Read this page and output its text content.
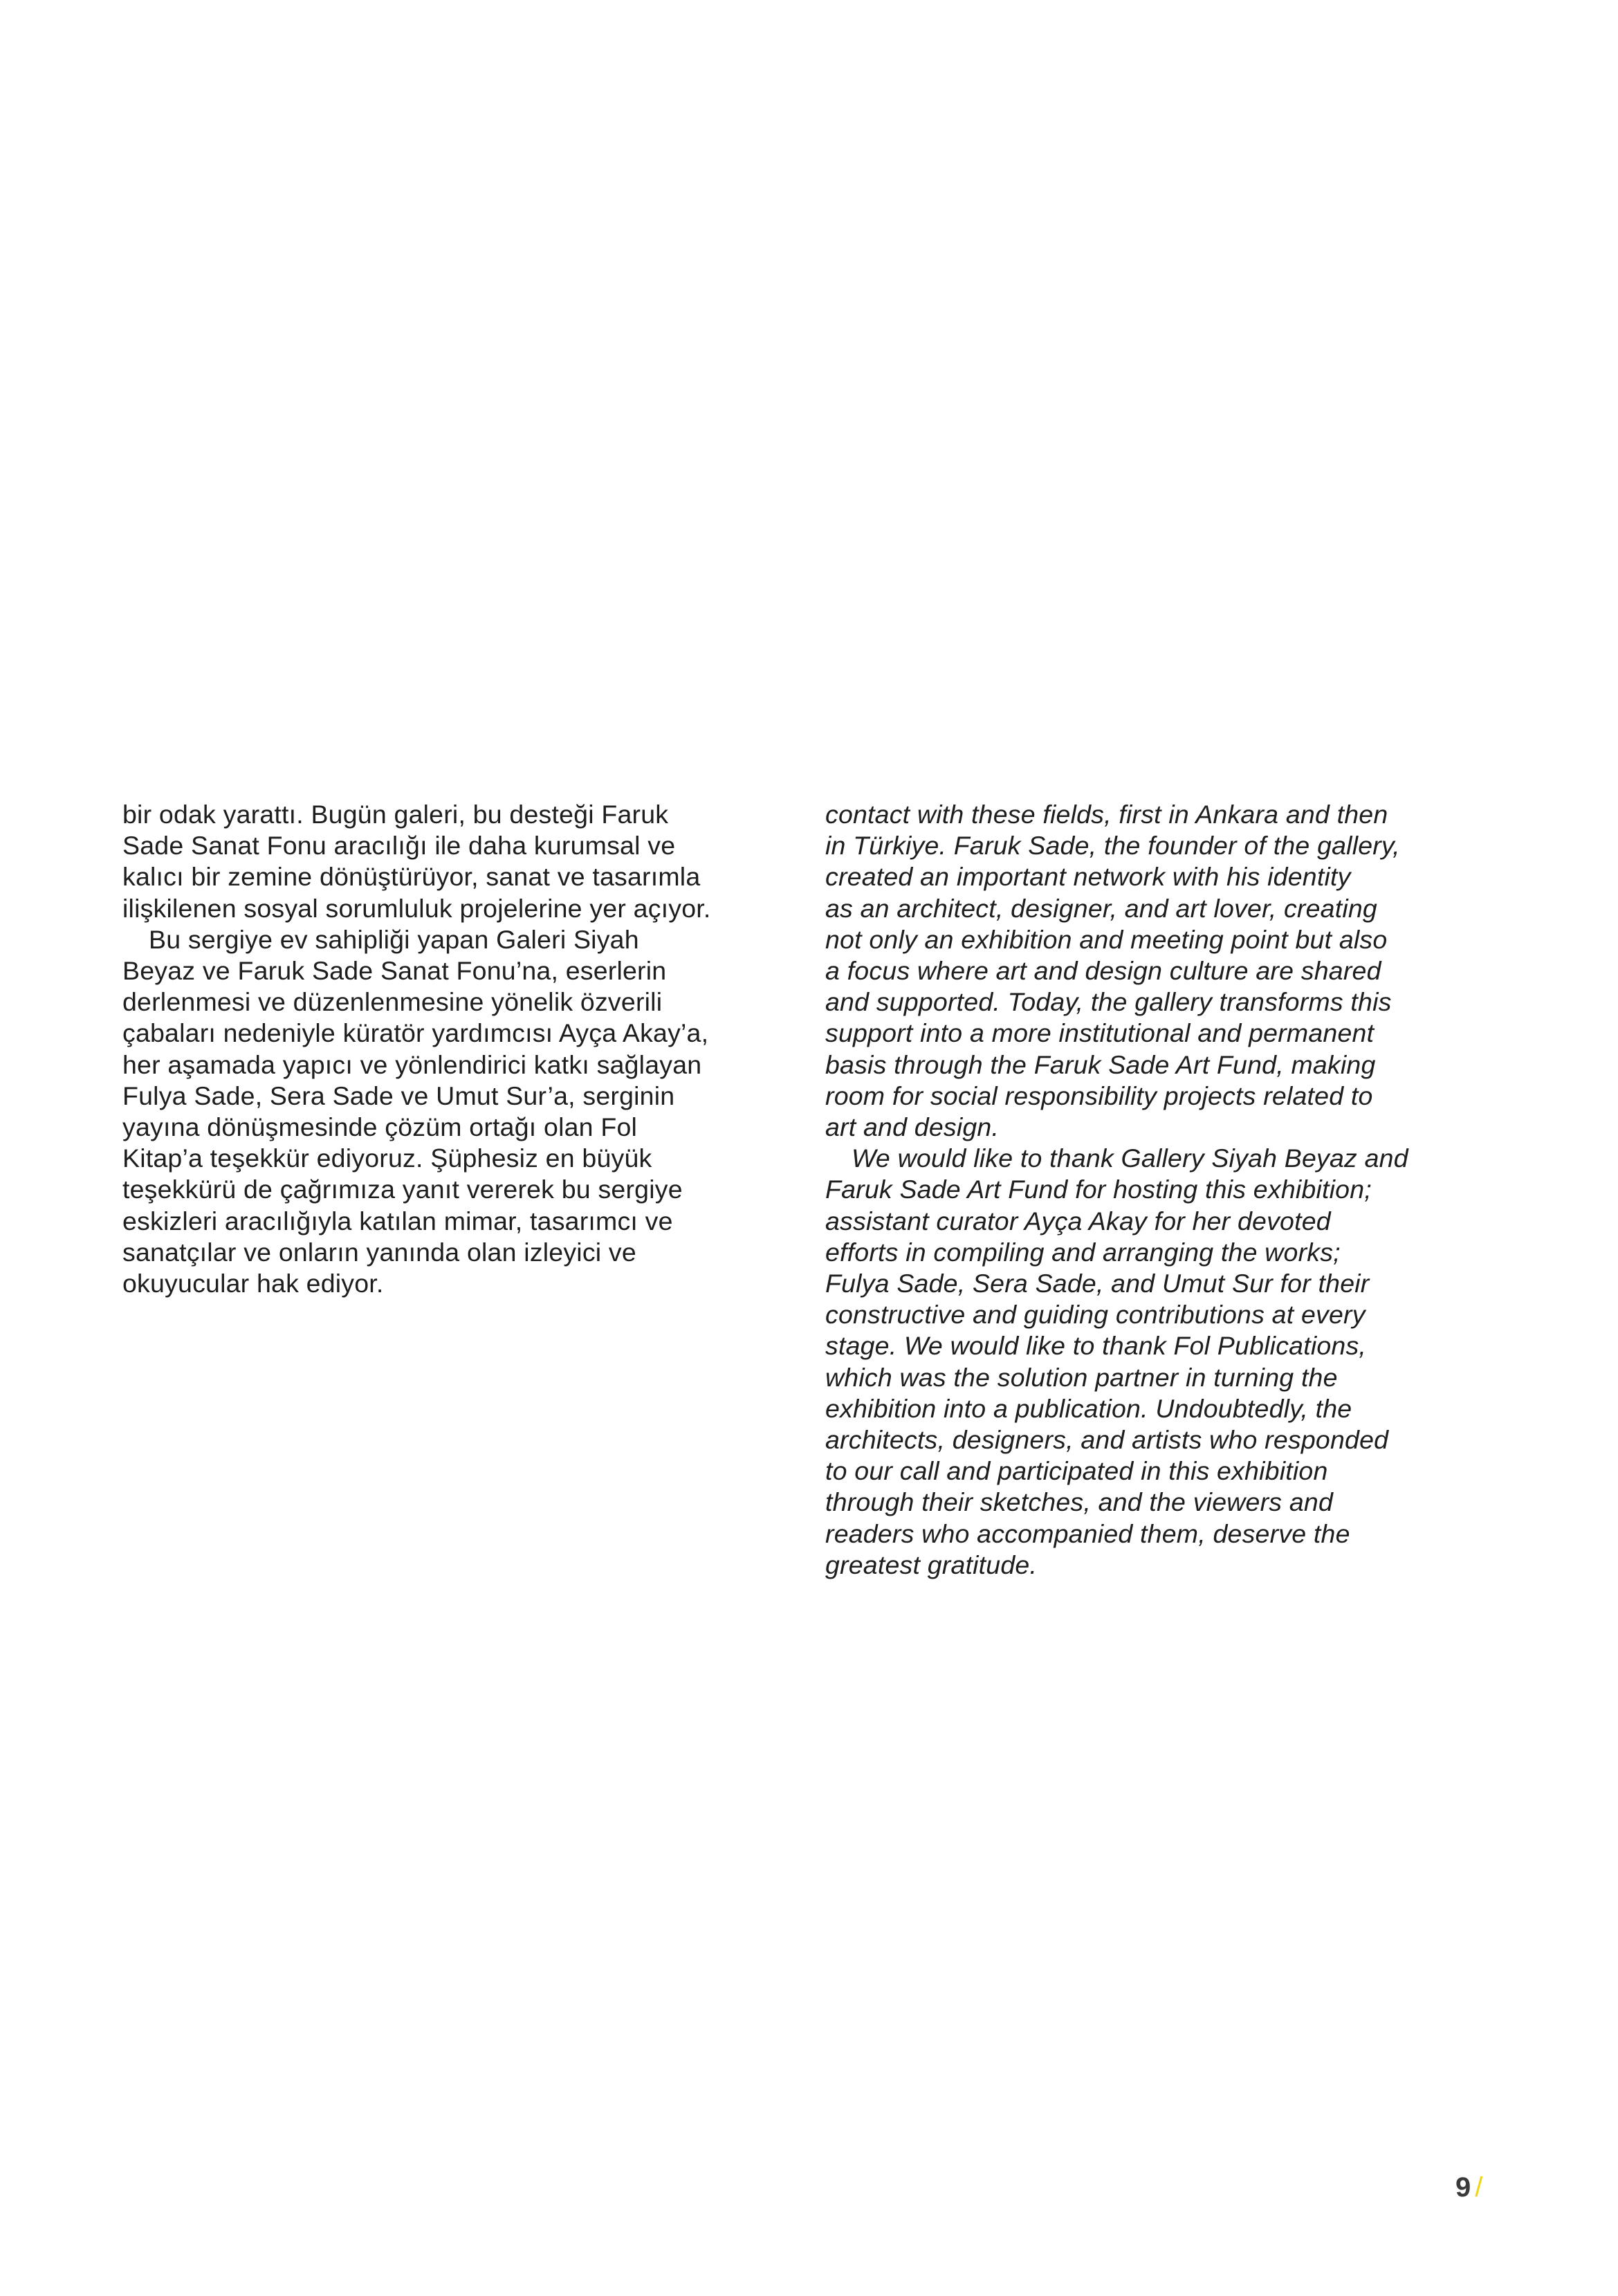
bir odak yarattı. Bugün galeri, bu desteği Faruk
Sade Sanat Fonu aracılığı ile daha kurumsal ve
kalıcı bir zemine dönüştürüyor, sanat ve tasarımla
ilişkilenen sosyal sorumluluk projelerine yer açıyor.
Bu sergiye ev sahipliği yapan Galeri Siyah
Beyaz ve Faruk Sade Sanat Fonu’na, eserlerin
derlenmesi ve düzenlenmesine yönelik özverili
çabaları nedeniyle küratör yardımcısı Ayça Akay’a,
her aşamada yapıcı ve yönlendirici katkı sağlayan
Fulya Sade, Sera Sade ve Umut Sur’a, serginin
yayına dönüşmesinde çözüm ortağı olan Fol
Kitap’a teşekkür ediyoruz. Şüphesiz en büyük
teşekkürü de çağrımıza yanıt vererek bu sergiye
eskizleri aracılığıyla katılan mimar, tasarımcı ve
sanatçılar ve onların yanında olan izleyici ve
okuyucular hak ediyor.
contact with these fields, first in Ankara and then
in Türkiye. Faruk Sade, the founder of the gallery,
created an important network with his identity
as an architect, designer, and art lover, creating
not only an exhibition and meeting point but also
a focus where art and design culture are shared
and supported. Today, the gallery transforms this
support into a more institutional and permanent
basis through the Faruk Sade Art Fund, making
room for social responsibility projects related to
art and design.
We would like to thank Gallery Siyah Beyaz and
Faruk Sade Art Fund for hosting this exhibition;
assistant curator Ayça Akay for her devoted
efforts in compiling and arranging the works;
Fulya Sade, Sera Sade, and Umut Sur for their
constructive and guiding contributions at every
stage. We would like to thank Fol Publications,
which was the solution partner in turning the
exhibition into a publication. Undoubtedly, the
architects, designers, and artists who responded
to our call and participated in this exhibition
through their sketches, and the viewers and
readers who accompanied them, deserve the
greatest gratitude.
9 /
